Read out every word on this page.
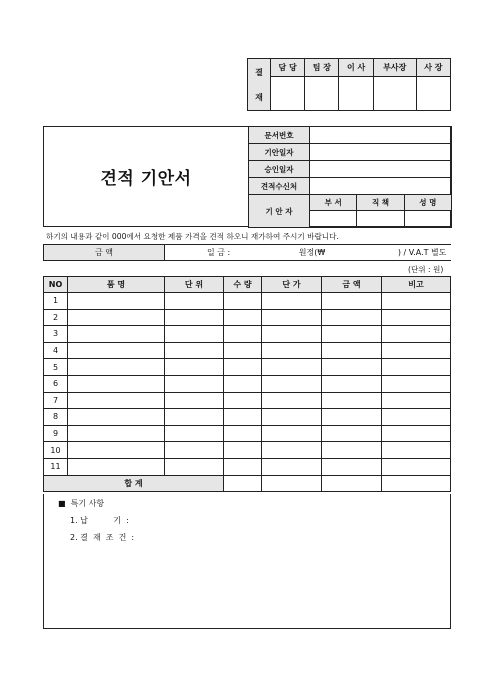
결
재	담 당	팀 장	이 사	부사장	사 장

견적 기안서
문서번호			
기안일자			
승인일자			
견적수신처			
기 안 자	부 서	직 책	성 명

하기의 내용과 같이 000에서 요청한 제품 가격을 견적 하오니 재가하여 주시기 바랍니다.
금 액	일 금 :	원정(₩	) / V.A.T 별도
(단위 : 원)
NO	품 명	단 위	수 량	단 가	금 액	비고
1						
2						
3						
4						
5						
6						
7						
8						
9						
10						
11						
합 계						
■  특기 사항
1. 납          기  :
2. 결  재  조  건  :
